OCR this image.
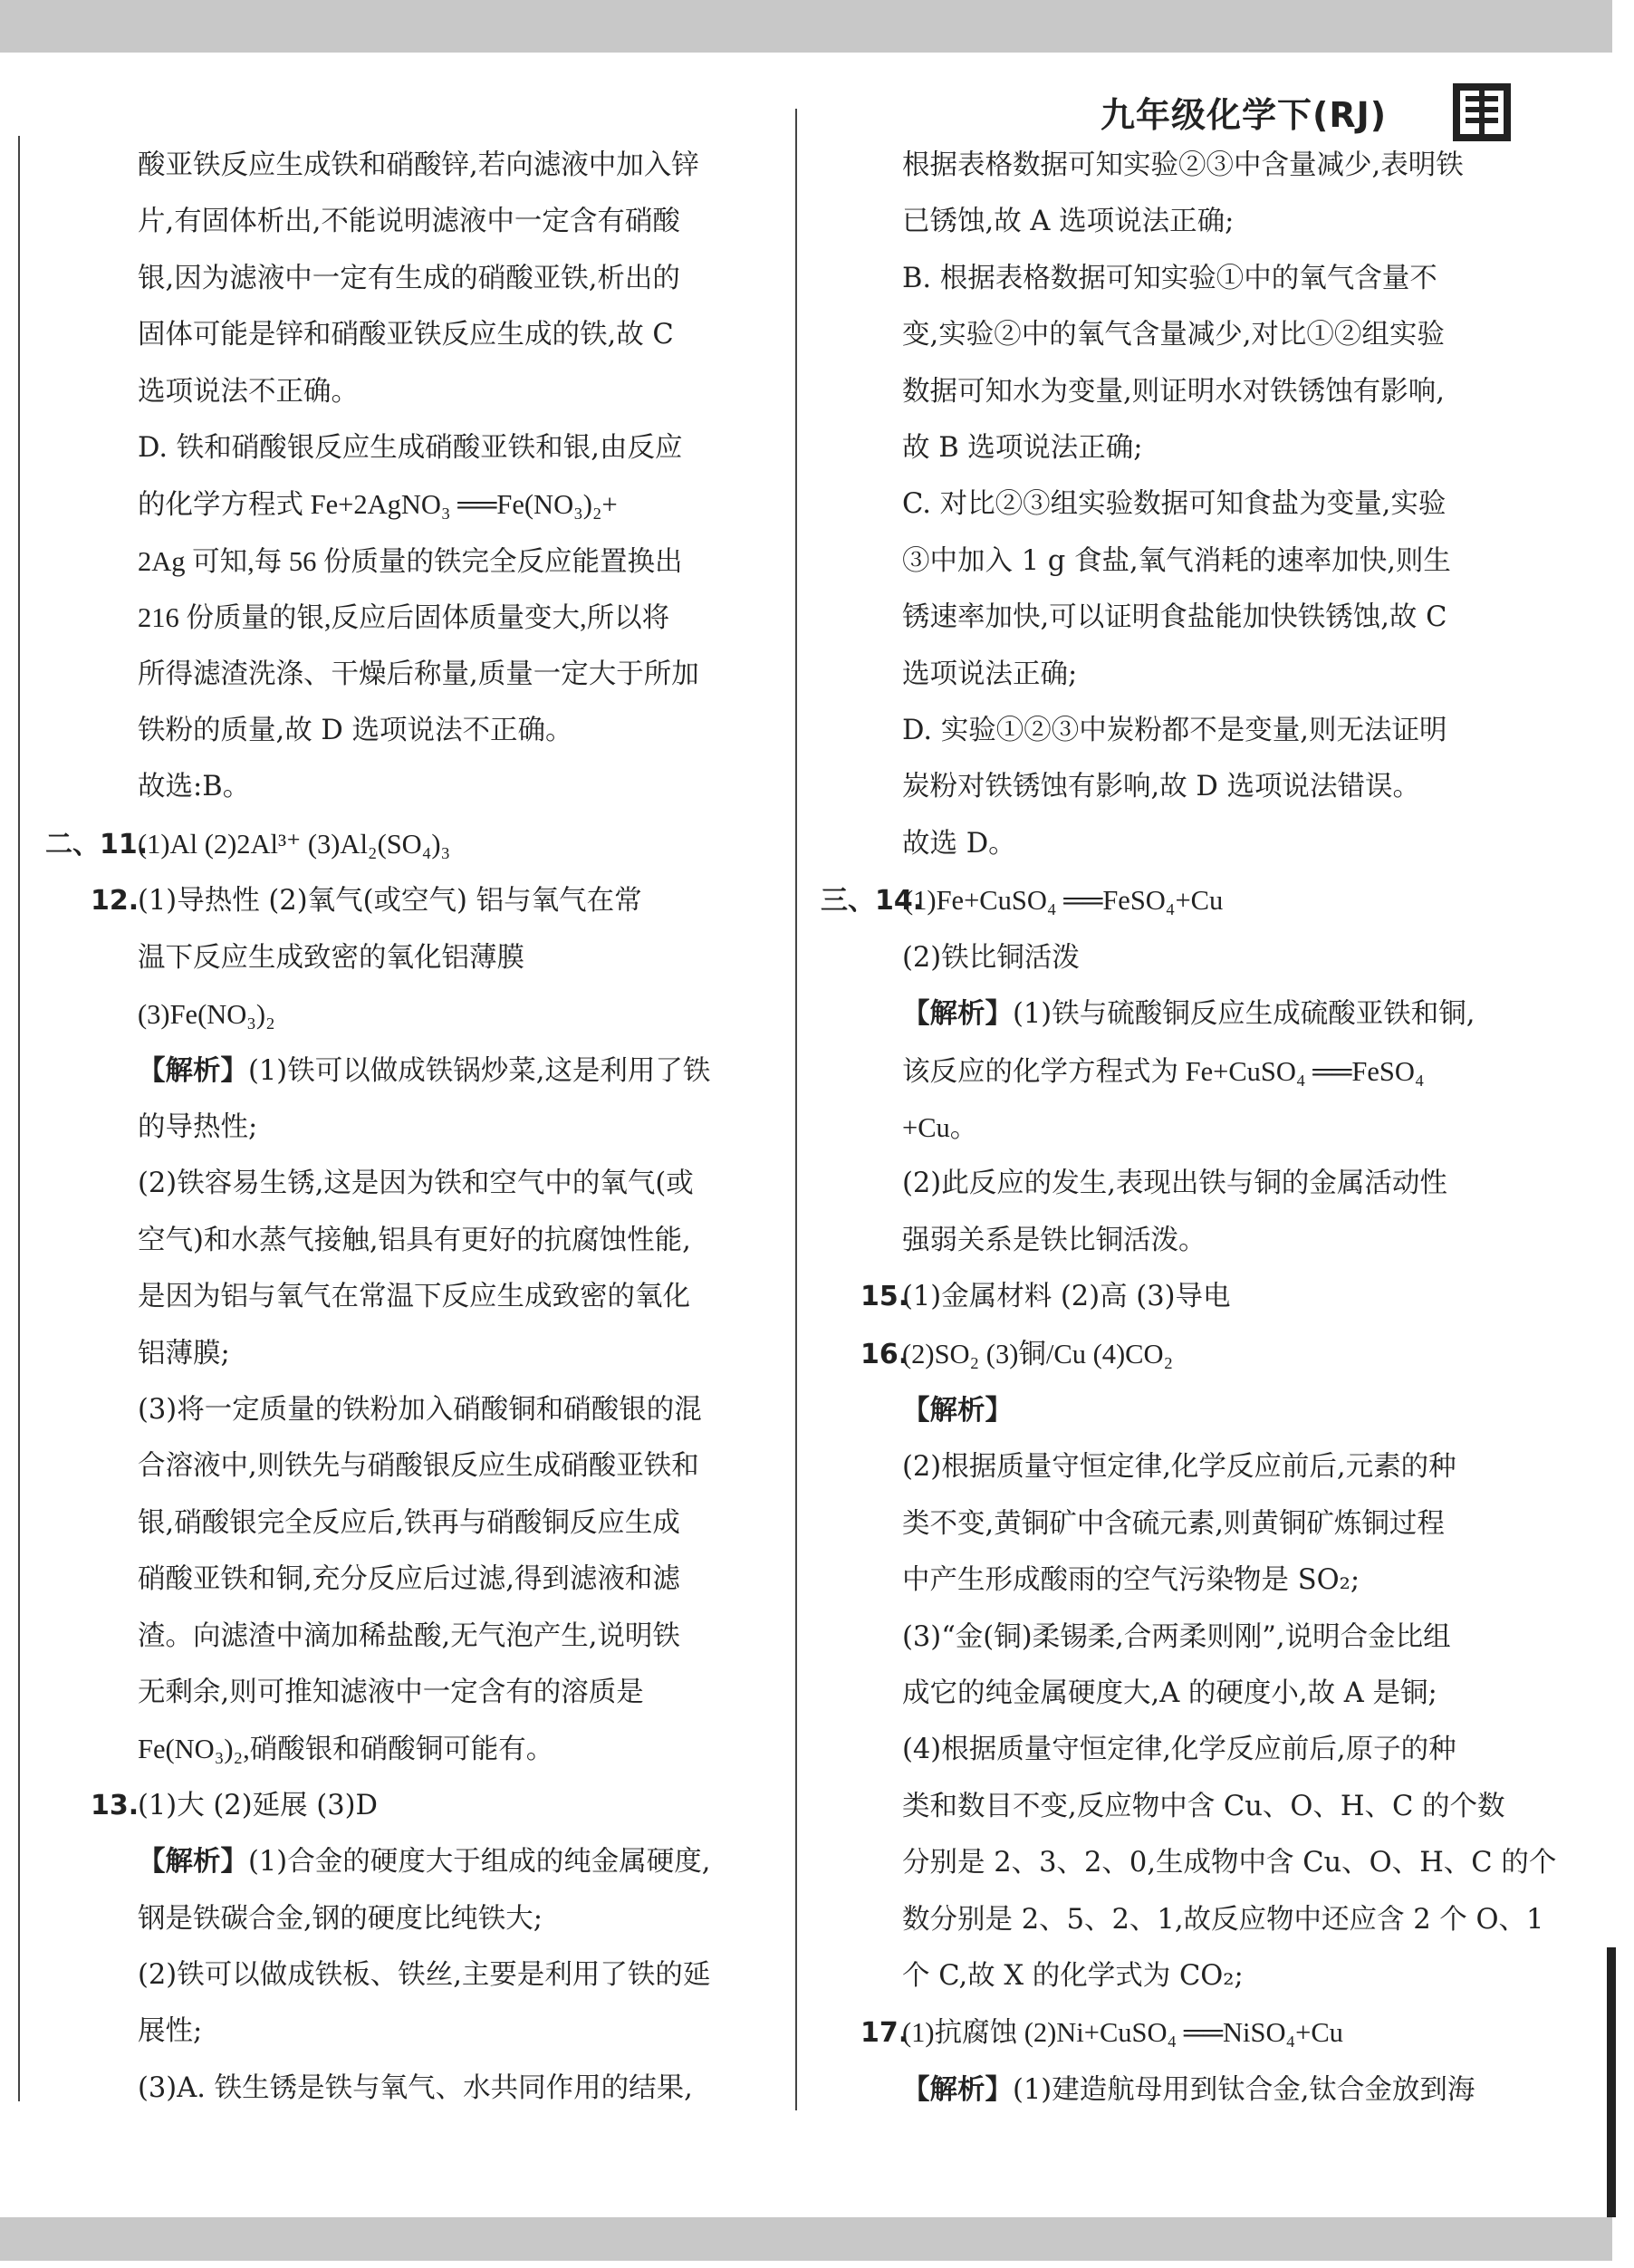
九年级化学下(RJ)

酸亚铁反应生成铁和硝酸锌,若向滤液中加入锌

片,有固体析出,不能说明滤液中一定含有硝酸

银,因为滤液中一定有生成的硝酸亚铁,析出的

固体可能是锌和硝酸亚铁反应生成的铁,故 C

选项说法不正确。

D. 铁和硝酸银反应生成硝酸亚铁和银,由反应

的化学方程式 Fe+2AgNO₃ ══Fe(NO₃)₂+

2Ag 可知,每 56 份质量的铁完全反应能置换出

216 份质量的银,反应后固体质量变大,所以将

所得滤渣洗涤、干燥后称量,质量一定大于所加

铁粉的质量,故 D 选项说法不正确。

故选:B。

二、11.(1)Al (2)2Al³⁺ (3)Al₂(SO₄)₃

12.(1)导热性 (2)氧气(或空气) 铝与氧气在常

温下反应生成致密的氧化铝薄膜

(3)Fe(NO₃)₂

【解析】(1)铁可以做成铁锅炒菜,这是利用了铁

的导热性;

(2)铁容易生锈,这是因为铁和空气中的氧气(或

空气)和水蒸气接触,铝具有更好的抗腐蚀性能,

是因为铝与氧气在常温下反应生成致密的氧化

铝薄膜;

(3)将一定质量的铁粉加入硝酸铜和硝酸银的混

合溶液中,则铁先与硝酸银反应生成硝酸亚铁和

银,硝酸银完全反应后,铁再与硝酸铜反应生成

硝酸亚铁和铜,充分反应后过滤,得到滤液和滤

渣。向滤渣中滴加稀盐酸,无气泡产生,说明铁

无剩余,则可推知滤液中一定含有的溶质是

Fe(NO₃)₂,硝酸银和硝酸铜可能有。

13.(1)大 (2)延展 (3)D

【解析】(1)合金的硬度大于组成的纯金属硬度,

钢是铁碳合金,钢的硬度比纯铁大;

(2)铁可以做成铁板、铁丝,主要是利用了铁的延

展性;

(3)A. 铁生锈是铁与氧气、水共同作用的结果,

根据表格数据可知实验②③中含量减少,表明铁

已锈蚀,故 A 选项说法正确;

B. 根据表格数据可知实验①中的氧气含量不

变,实验②中的氧气含量减少,对比①②组实验

数据可知水为变量,则证明水对铁锈蚀有影响,

故 B 选项说法正确;

C. 对比②③组实验数据可知食盐为变量,实验

③中加入 1 g 食盐,氧气消耗的速率加快,则生

锈速率加快,可以证明食盐能加快铁锈蚀,故 C

选项说法正确;

D. 实验①②③中炭粉都不是变量,则无法证明

炭粉对铁锈蚀有影响,故 D 选项说法错误。

故选 D。

三、14.(1)Fe+CuSO₄ ══FeSO₄+Cu

(2)铁比铜活泼

【解析】(1)铁与硫酸铜反应生成硫酸亚铁和铜,

该反应的化学方程式为 Fe+CuSO₄ ══FeSO₄

+Cu。

(2)此反应的发生,表现出铁与铜的金属活动性

强弱关系是铁比铜活泼。

15.(1)金属材料 (2)高 (3)导电

16.(2)SO₂ (3)铜/Cu (4)CO₂

【解析】

(2)根据质量守恒定律,化学反应前后,元素的种

类不变,黄铜矿中含硫元素,则黄铜矿炼铜过程

中产生形成酸雨的空气污染物是 SO₂;

(3)“金(铜)柔锡柔,合两柔则刚”,说明合金比组

成它的纯金属硬度大,A 的硬度小,故 A 是铜;

(4)根据质量守恒定律,化学反应前后,原子的种

类和数目不变,反应物中含 Cu、O、H、C 的个数

分别是 2、3、2、0,生成物中含 Cu、O、H、C 的个

数分别是 2、5、2、1,故反应物中还应含 2 个 O、1

个 C,故 X 的化学式为 CO₂;

17.(1)抗腐蚀 (2)Ni+CuSO₄ ══NiSO₄+Cu

【解析】(1)建造航母用到钛合金,钛合金放到海
